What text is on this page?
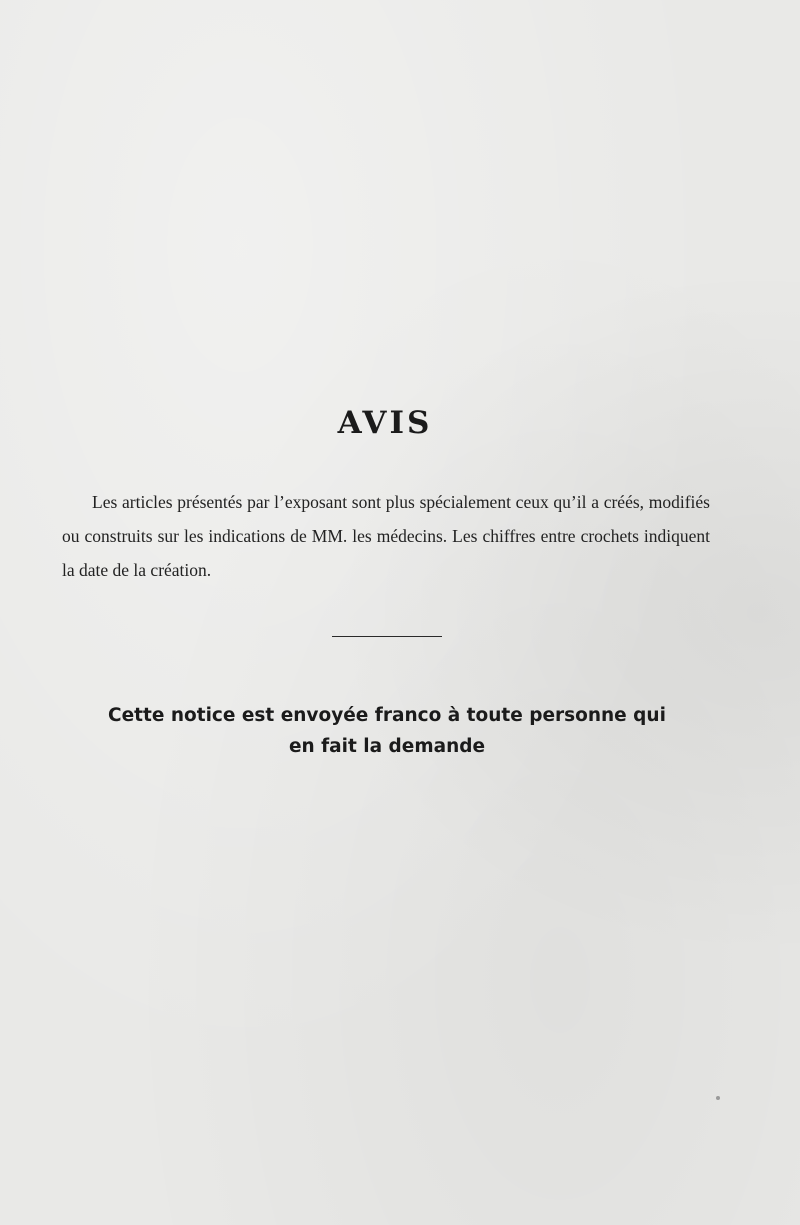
AVIS

Les articles présentés par l’exposant sont plus spécialement ceux qu’il a créés, modifiés ou construits sur les indications de MM. les médecins. Les chiffres entre crochets indiquent la date de la création.

Cette notice est envoyée franco à toute personne qui
en fait la demande
